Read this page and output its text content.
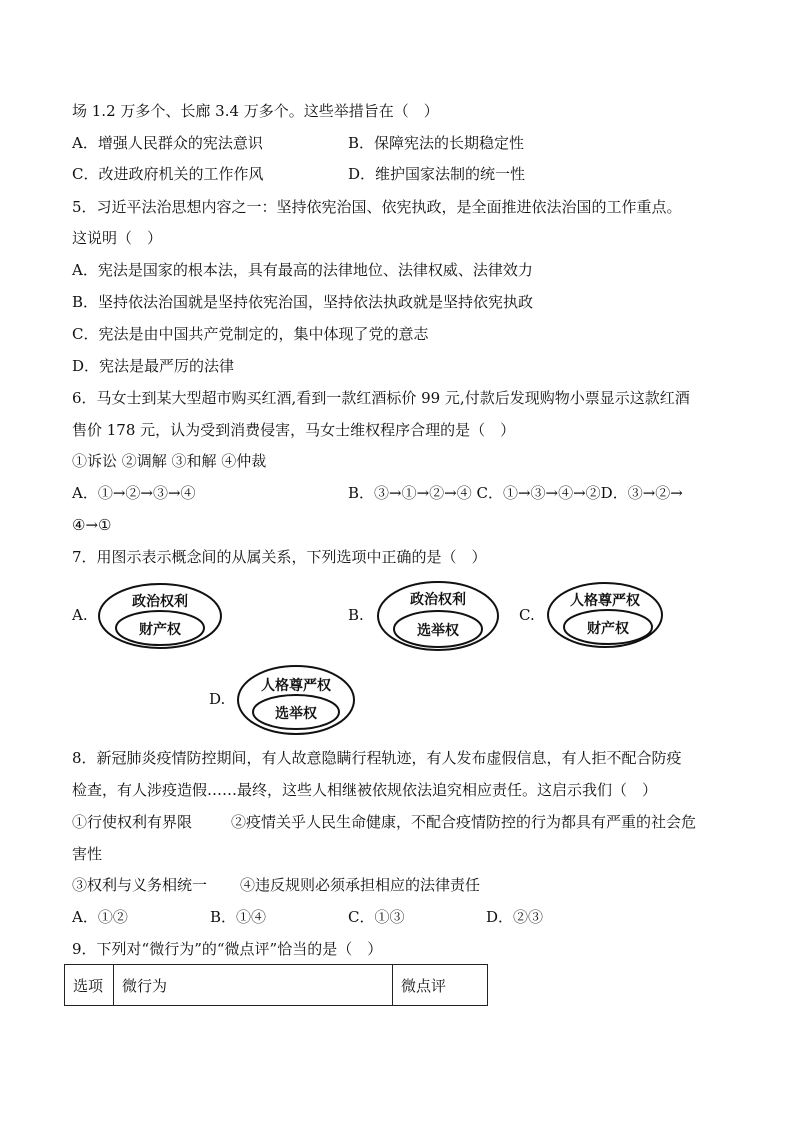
场 1.2 万多个、长廊 3.4 万多个。这些举措旨在（　）
A．增强人民群众的宪法意识	B．保障宪法的长期稳定性
C．改进政府机关的工作作风	D．维护国家法制的统一性
5．习近平法治思想内容之一：坚持依宪治国、依宪执政，是全面推进依法治国的工作重点。
这说明（　）
A．宪法是国家的根本法，具有最高的法律地位、法律权威、法律效力
B．坚持依法治国就是坚持依宪治国，坚持依法执政就是坚持依宪执政
C．宪法是由中国共产党制定的，集中体现了党的意志
D．宪法是最严厉的法律
6．马女士到某大型超市购买红酒,看到一款红酒标价 99 元,付款后发现购物小票显示这款红酒
售价 178 元，认为受到消费侵害，马女士维权程序合理的是（　）
①诉讼 ②调解 ③和解 ④仲裁
A．①→②→③→④	B．③→①→②→④ C．①→③→④→②D．③→②→
④→①
7．用图示表示概念间的从属关系，下列选项中正确的是（　）
A.
政治权利
财产权
B.
政治权利
选举权
C.
人格尊严权
财产权
D.
人格尊严权
选举权
8．新冠肺炎疫情防控期间，有人故意隐瞒行程轨迹，有人发布虚假信息，有人拒不配合防疫
检查，有人涉疫造假……最终，这些人相继被依规依法追究相应责任。这启示我们（　）
①行使权利有界限	②疫情关乎人民生命健康，不配合疫情防控的行为都具有严重的社会危
害性
③权利与义务相统一 ④违反规则必须承担相应的法律责任
A．①②	B．①④	C．①③	D．②③
9．下列对“微行为”的“微点评”恰当的是（　）
选项	微行为	微点评
